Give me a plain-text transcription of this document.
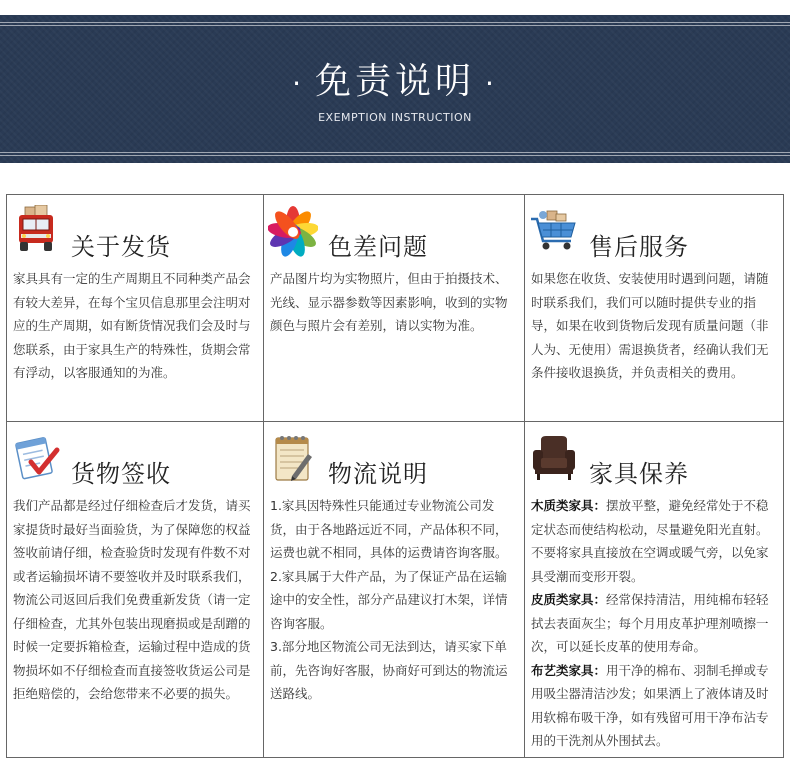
· 免责说明 ·
EXEMPTION INSTRUCTION
关于发货

家具具有一定的生产周期且不同种类产品会有较大差异，在每个宝贝信息那里会注明对应的生产周期，如有断货情况我们会及时与您联系，由于家具生产的特殊性，货期会常有浮动，以客服通知的为准。

色差问题

产品图片均为实物照片，但由于拍摄技术、光线、显示器参数等因素影响，收到的实物颜色与照片会有差别，请以实物为准。

售后服务

如果您在收货、安装使用时遇到问题，请随时联系我们，我们可以随时提供专业的指导，如果在收到货物后发现有质量问题（非人为、无使用）需退换货者，经确认我们无条件接收退换货，并负责相关的费用。

货物签收

我们产品都是经过仔细检查后才发货，请买家提货时最好当面验货，为了保障您的权益签收前请仔细，检查验货时发现有件数不对或者运输损坏请不要签收并及时联系我们，物流公司返回后我们免费重新发货（请一定仔细检查，尤其外包装出现磨损或是刮蹭的时候一定要拆箱检查，运输过程中造成的货物损坏如不仔细检查而直接签收货运公司是拒绝赔偿的，会给您带来不必要的损失。

物流说明

1.家具因特殊性只能通过专业物流公司发货，由于各地路远近不同，产品体积不同，运费也就不相同，具体的运费请咨询客服。

2.家具属于大件产品，为了保证产品在运输途中的安全性，部分产品建议打木架，详情咨询客服。

3.部分地区物流公司无法到达，请买家下单前，先咨询好客服，协商好可到达的物流运送路线。

家具保养

木质类家具：摆放平整，避免经常处于不稳定状态而使结构松动，尽量避免阳光直射。不要将家具直接放在空调或暖气旁，以免家具受潮而变形开裂。

皮质类家具：经常保持清洁，用纯棉布轻轻拭去表面灰尘；每个月用皮革护理剂喷擦一次，可以延长皮革的使用寿命。

布艺类家具：用干净的棉布、羽制毛掸或专用吸尘器清洁沙发；如果洒上了液体请及时用软棉布吸干净，如有残留可用干净布沾专用的干洗剂从外围拭去。
